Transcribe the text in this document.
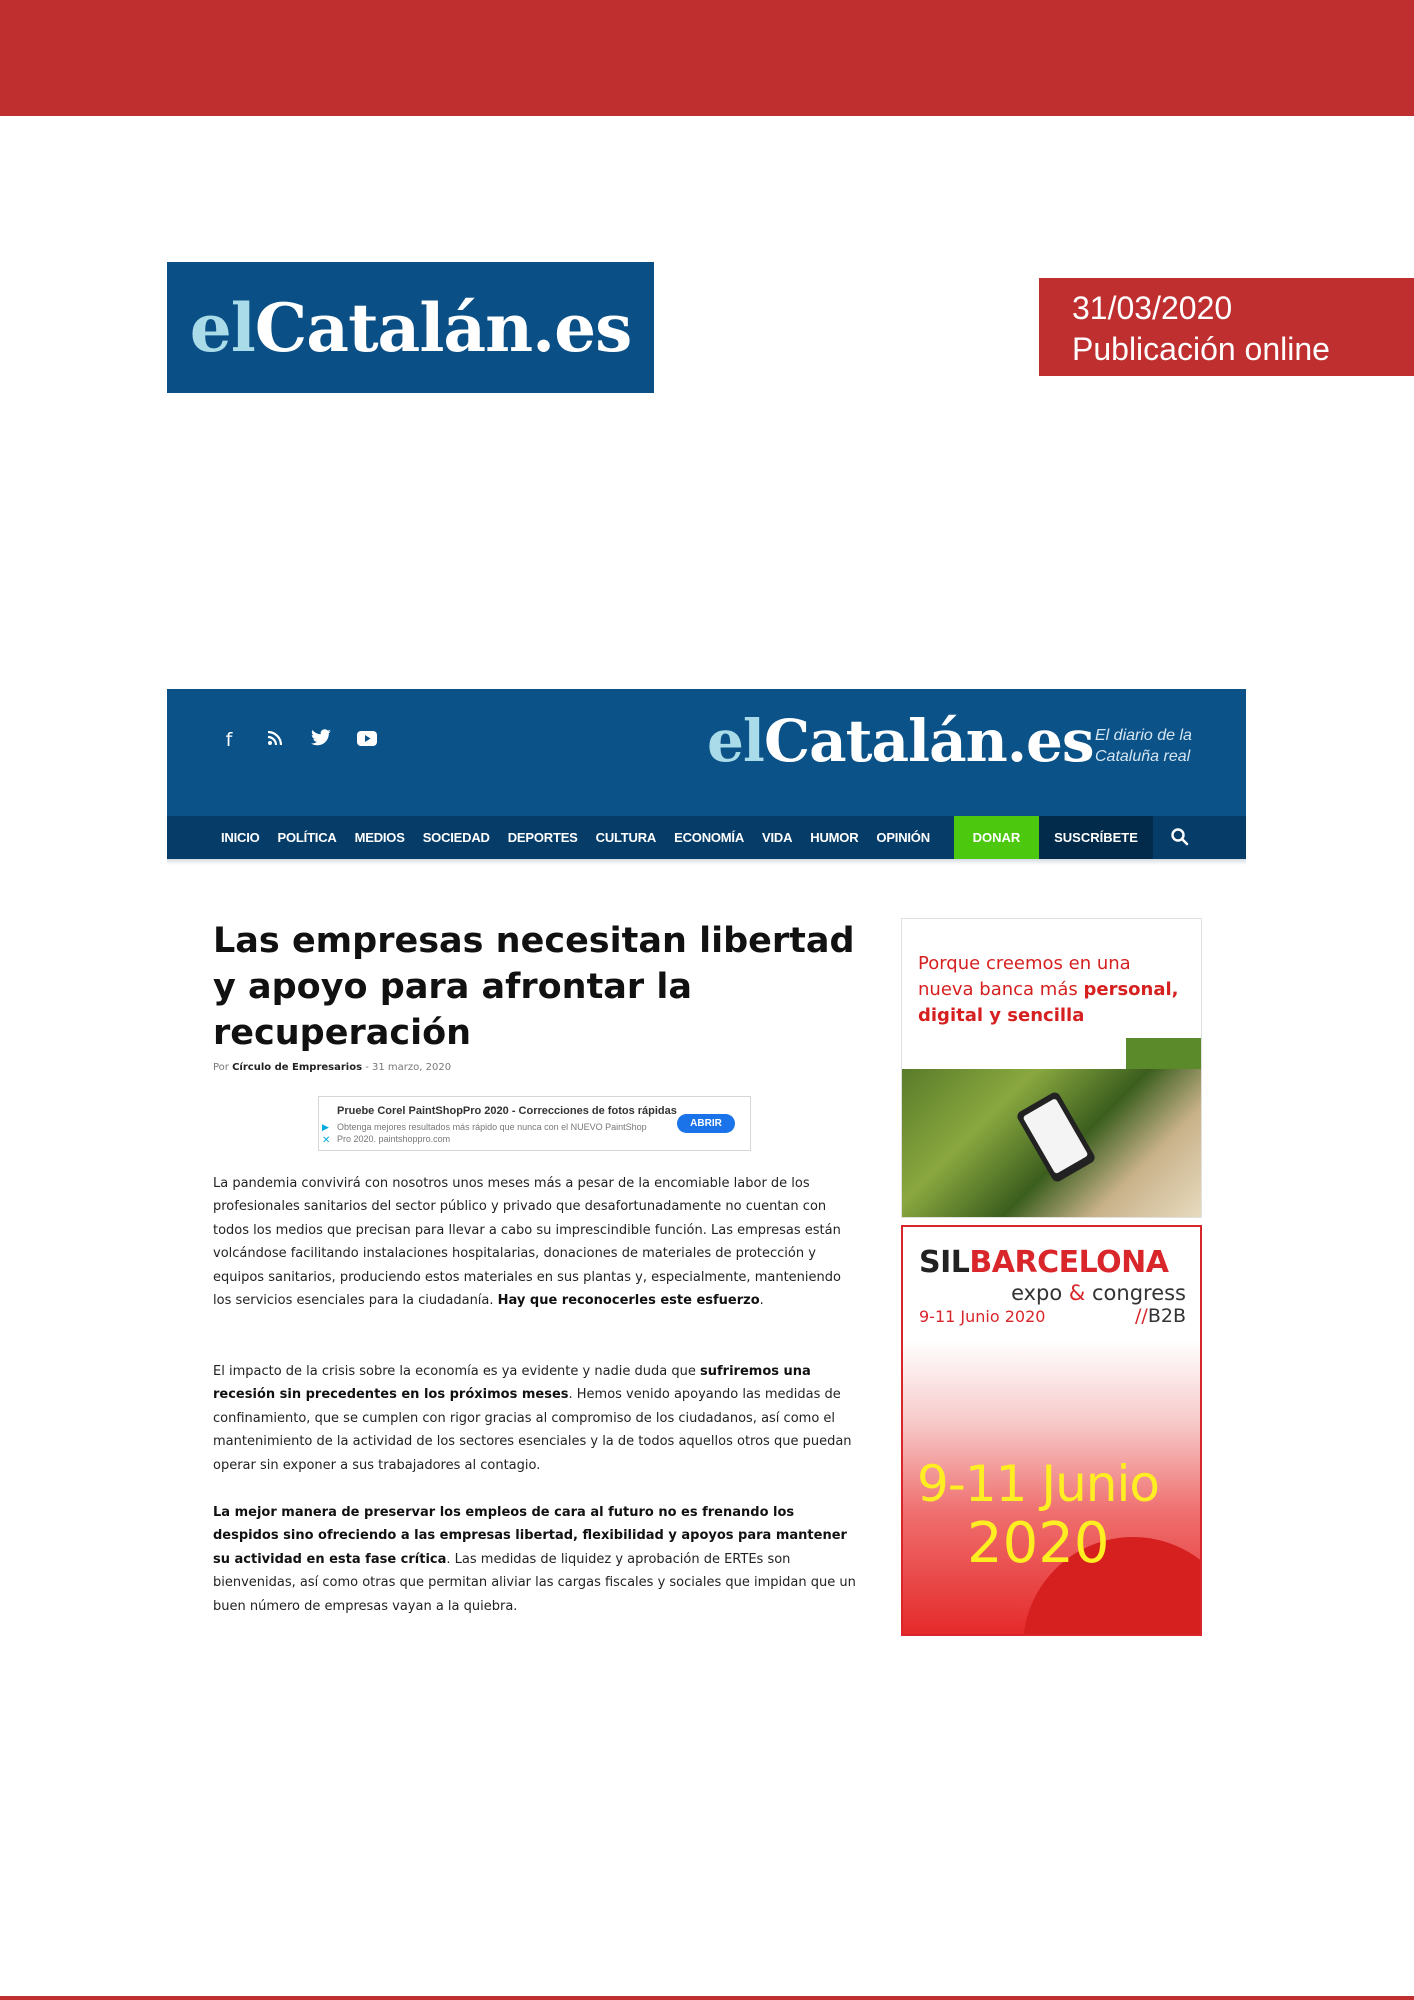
elCatalán.es	31/03/2020
Publicación online
f	elCatalán.es El diario de la
Cataluña real
INICIO POLÍTICA MEDIOS SOCIEDAD DEPORTES CULTURA ECONOMÍA VIDA HUMOR OPINIÓN	DONAR	SUSCRÍBETE
Las empresas necesitan libertad y apoyo para afrontar la recuperación
Por Círculo de Empresarios - 31 marzo, 2020
▶
✕
Pruebe Corel PaintShopPro 2020 - Correcciones de fotos rápidas
Obtenga mejores resultados más rápido que nunca con el NUEVO PaintShop Pro 2020. paintshoppro.com
ABRIR

La pandemia convivirá con nosotros unos meses más a pesar de la encomiable labor de los profesionales sanitarios del sector público y privado que desafortunadamente no cuentan con todos los medios que precisan para llevar a cabo su imprescindible función. Las empresas están volcándose facilitando instalaciones hospitalarias, donaciones de materiales de protección y equipos sanitarios, produciendo estos materiales en sus plantas y, especialmente, manteniendo los servicios esenciales para la ciudadanía. Hay que reconocerles este esfuerzo.

El impacto de la crisis sobre la economía es ya evidente y nadie duda que sufriremos una recesión sin precedentes en los próximos meses. Hemos venido apoyando las medidas de confinamiento, que se cumplen con rigor gracias al compromiso de los ciudadanos, así como el mantenimiento de la actividad de los sectores esenciales y la de todos aquellos otros que puedan operar sin exponer a sus trabajadores al contagio.

La mejor manera de preservar los empleos de cara al futuro no es frenando los despidos sino ofreciendo a las empresas libertad, flexibilidad y apoyos para mantener su actividad en esta fase crítica. Las medidas de liquidez y aprobación de ERTEs son bienvenidas, así como otras que permitan aliviar las cargas fiscales y sociales que impidan que un buen número de empresas vayan a la quiebra.

Porque creemos en una
nueva banca más personal,
digital y sencilla
SILBARCELONA
expo & congress
9-11 Junio 2020	//B2B
9-11 Junio
2020
